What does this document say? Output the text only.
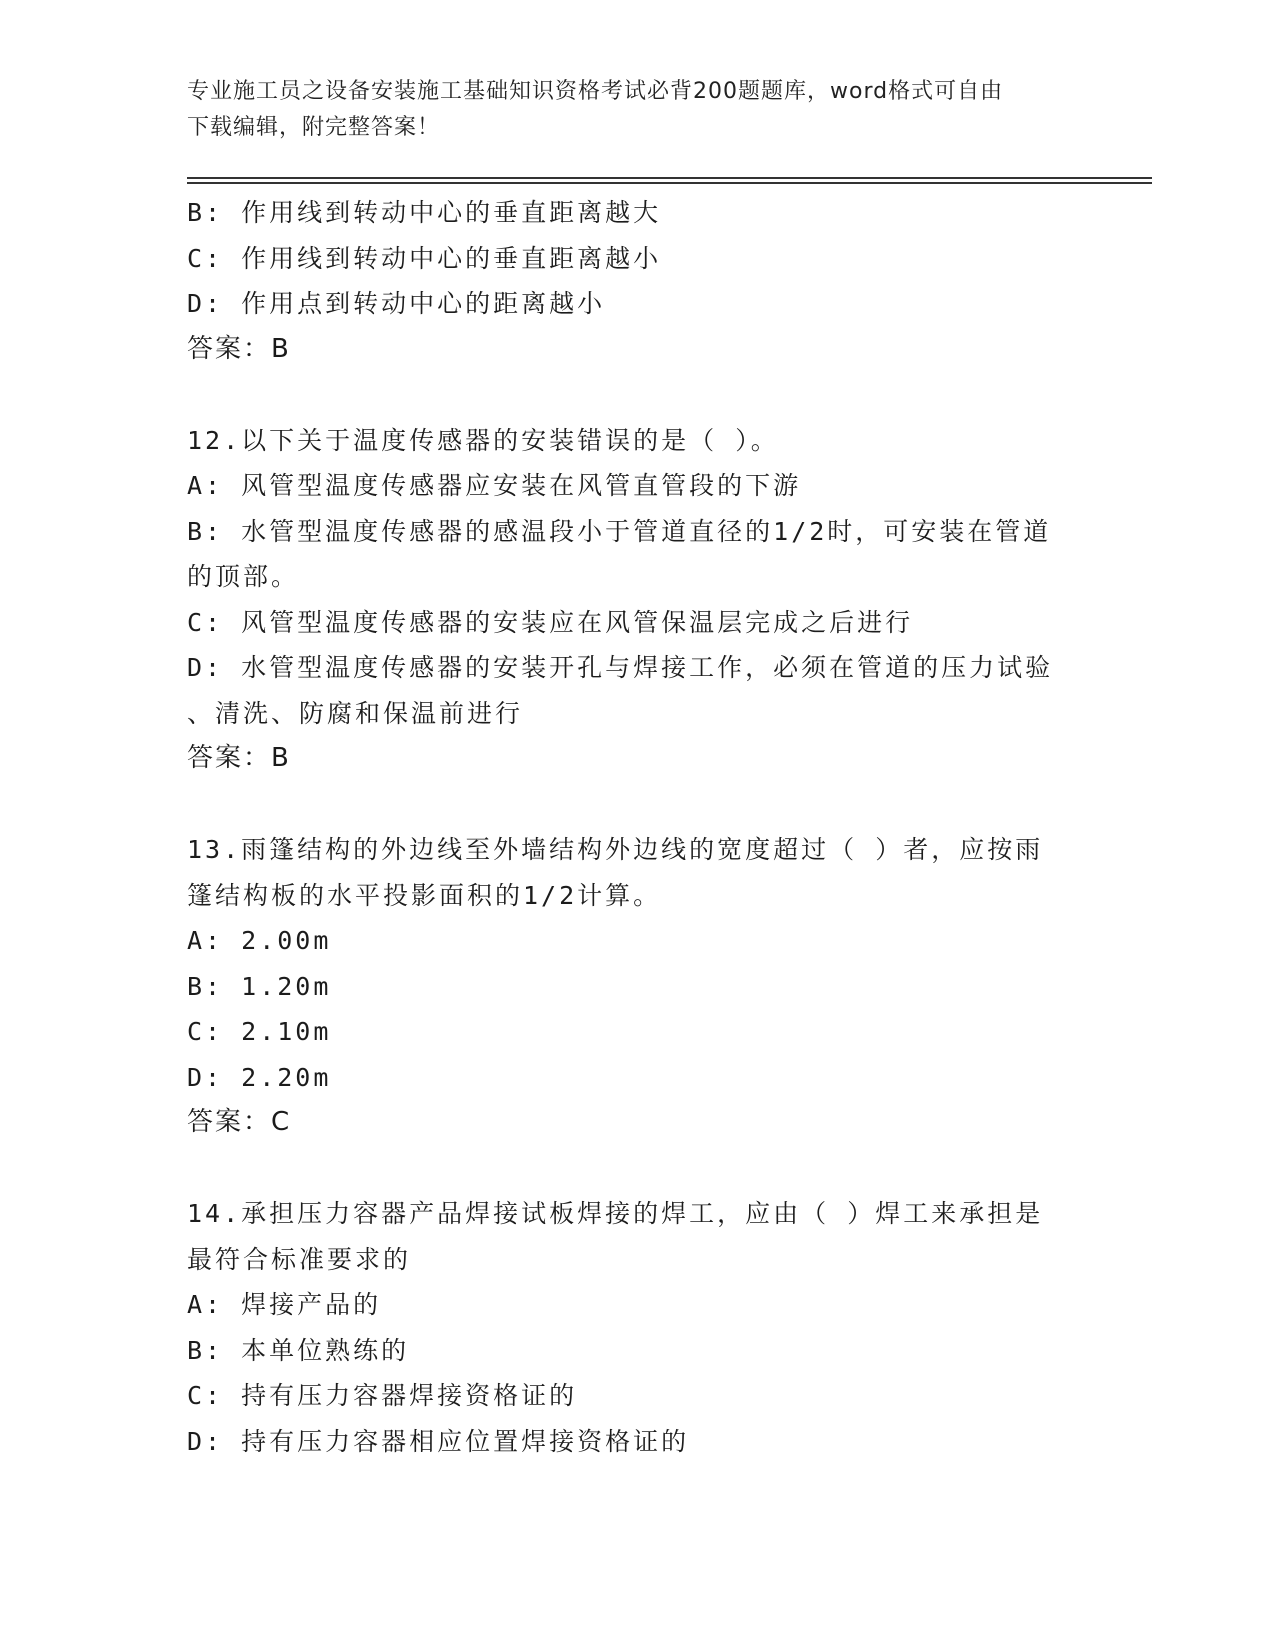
专业施工员之设备安装施工基础知识资格考试必背200题题库，word格式可自由
下载编辑，附完整答案！
B: 作用线到转动中心的垂直距离越大
C: 作用线到转动中心的垂直距离越小
D: 作用点到转动中心的距离越小
答案：B
12.以下关于温度传感器的安装错误的是（ ）。
A: 风管型温度传感器应安装在风管直管段的下游
B: 水管型温度传感器的感温段小于管道直径的1/2时，可安装在管道
的顶部。
C: 风管型温度传感器的安装应在风管保温层完成之后进行
D: 水管型温度传感器的安装开孔与焊接工作，必须在管道的压力试验
、清洗、防腐和保温前进行
答案：B
13.雨篷结构的外边线至外墙结构外边线的宽度超过（ ）者，应按雨
篷结构板的水平投影面积的1/2计算。
A: 2.00m
B: 1.20m
C: 2.10m
D: 2.20m
答案：C
14.承担压力容器产品焊接试板焊接的焊工，应由（ ）焊工来承担是
最符合标准要求的
A: 焊接产品的
B: 本单位熟练的
C: 持有压力容器焊接资格证的
D: 持有压力容器相应位置焊接资格证的
